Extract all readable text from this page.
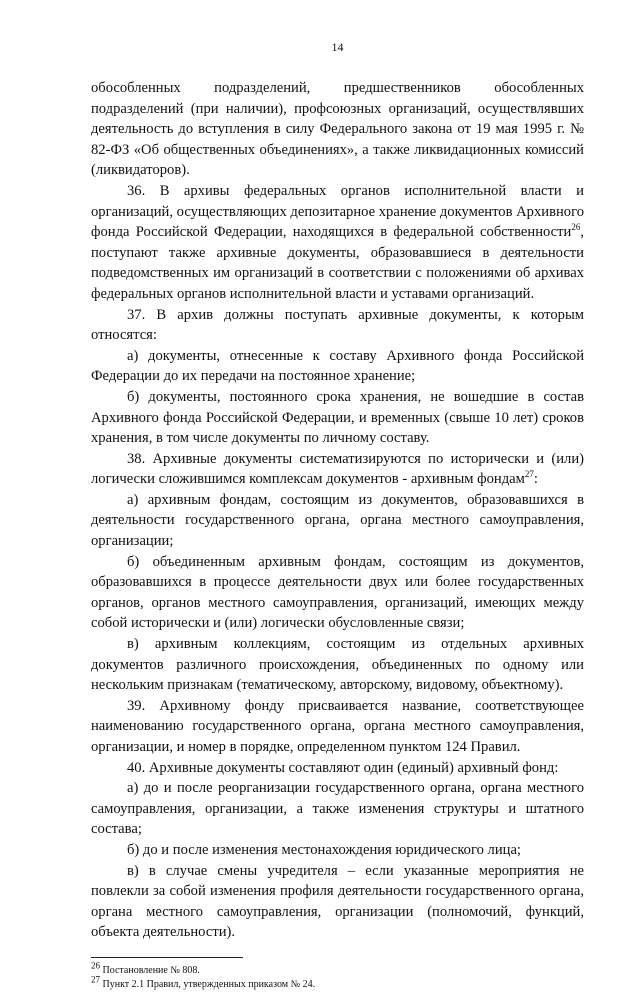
14

обособленных подразделений, предшественников обособленных подразделений (при наличии), профсоюзных организаций, осуществлявших деятельность до вступления в силу Федерального закона от 19 мая 1995 г. № 82-ФЗ «Об общественных объединениях», а также ликвидационных комиссий (ликвидаторов).

36. В архивы федеральных органов исполнительной власти и организаций, осуществляющих депозитарное хранение документов Архивного фонда Российской Федерации, находящихся в федеральной собственности$^{26}$, поступают также архивные документы, образовавшиеся в деятельности подведомственных им организаций в соответствии с положениями об архивах федеральных органов исполнительной власти и уставами организаций.

37. В архив должны поступать архивные документы, к которым относятся:

а) документы, отнесенные к составу Архивного фонда Российской Федерации до их передачи на постоянное хранение;

б) документы, постоянного срока хранения, не вошедшие в состав Архивного фонда Российской Федерации, и временных (свыше 10 лет) сроков хранения, в том числе документы по личному составу.

38. Архивные документы систематизируются по исторически и (или) логически сложившимся комплексам документов - архивным фондам$^{27}$:

а) архивным фондам, состоящим из документов, образовавшихся в деятельности государственного органа, органа местного самоуправления, организации;

б) объединенным архивным фондам, состоящим из документов, образовавшихся в процессе деятельности двух или более государственных органов, органов местного самоуправления, организаций, имеющих между собой исторически и (или) логически обусловленные связи;

в) архивным коллекциям, состоящим из отдельных архивных документов различного происхождения, объединенных по одному или нескольким признакам (тематическому, авторскому, видовому, объектному).

39. Архивному фонду присваивается название, соответствующее наименованию государственного органа, органа местного самоуправления, организации, и номер в порядке, определенном пунктом 124 Правил.

40. Архивные документы составляют один (единый) архивный фонд:

а) до и после реорганизации государственного органа, органа местного самоуправления, организации, а также изменения структуры и штатного состава;

б) до и после изменения местонахождения юридического лица;

в) в случае смены учредителя – если указанные мероприятия не повлекли за собой изменения профиля деятельности государственного органа, органа местного самоуправления, организации (полномочий, функций, объекта деятельности).

$^{26}$ Постановление № 808.

$^{27}$ Пункт 2.1 Правил, утвержденных приказом № 24.
